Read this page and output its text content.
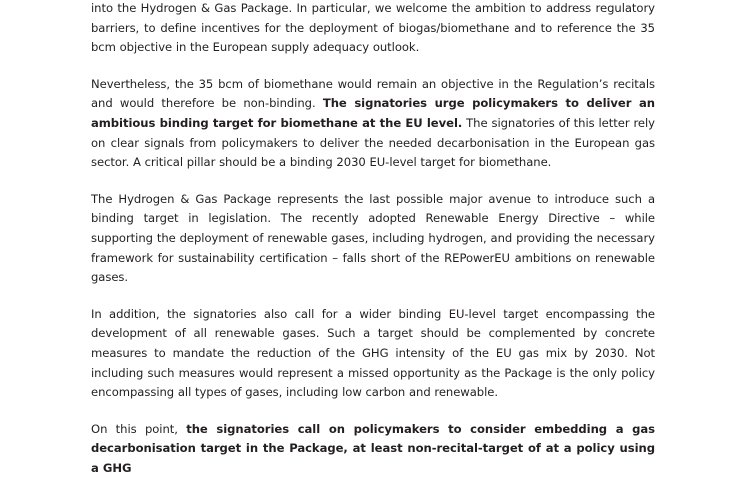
into the Hydrogen & Gas Package. In particular, we welcome the ambition to address regulatory barriers, to define incentives for the deployment of biogas/biomethane and to reference the 35 bcm objective in the European supply adequacy outlook.

Nevertheless, the 35 bcm of biomethane would remain an objective in the Regulation’s recitals and would therefore be non-binding. The signatories urge policymakers to deliver an ambitious binding target for biomethane at the EU level. The signatories of this letter rely on clear signals from policymakers to deliver the needed decarbonisation in the European gas sector. A critical pillar should be a binding 2030 EU-level target for biomethane.

The Hydrogen & Gas Package represents the last possible major avenue to introduce such a binding target in legislation. The recently adopted Renewable Energy Directive – while supporting the deployment of renewable gases, including hydrogen, and providing the necessary framework for sustainability certification – falls short of the REPowerEU ambitions on renewable gases.

In addition, the signatories also call for a wider binding EU-level target encompassing the development of all renewable gases. Such a target should be complemented by concrete measures to mandate the reduction of the GHG intensity of the EU gas mix by 2030. Not including such measures would represent a missed opportunity as the Package is the only policy encompassing all types of gases, including low carbon and renewable.

On this point, the signatories call on policymakers to consider embedding a gas decarbonisation target in the Package, at least non-recital-target of at a policy using a GHG
